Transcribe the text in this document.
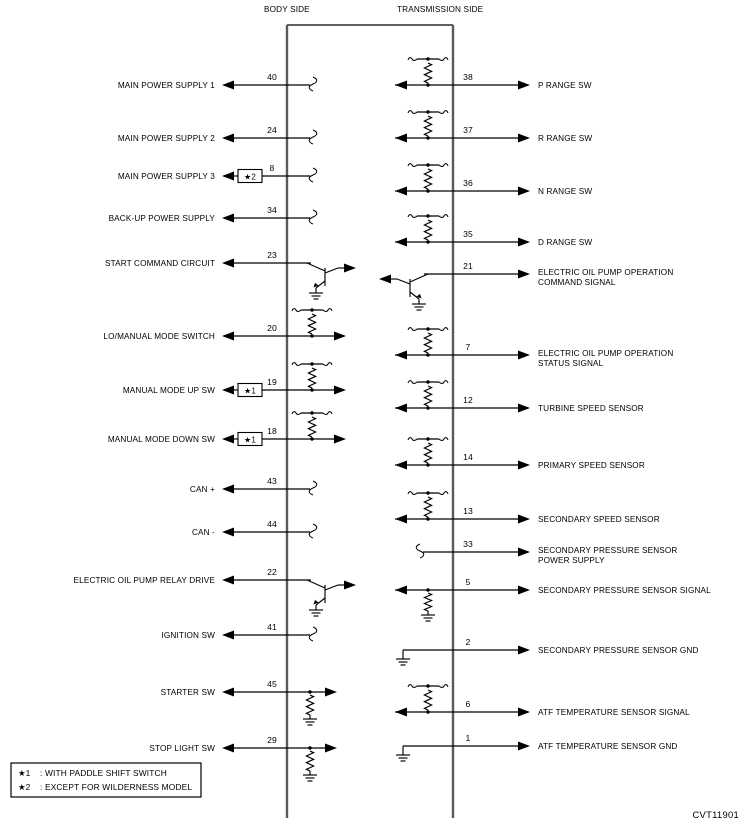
BODY SIDE	TRANSMISSION SIDE
MAIN POWER SUPPLY 1
40
MAIN POWER SUPPLY 2
24
MAIN POWER SUPPLY 3	★2
8
BACK-UP POWER SUPPLY
34
START COMMAND CIRCUIT
23
LO/MANUAL MODE SWITCH
20
MANUAL MODE UP SW	★1
19
MANUAL MODE DOWN SW	★1
18
CAN +
43
CAN -
44
ELECTRIC OIL PUMP RELAY DRIVE
22
IGNITION SW
41
STARTER SW
45
STOP LIGHT SW
29
P RANGE SW
38
R RANGE SW
37
N RANGE SW
36
D RANGE SW
35
ELECTRIC OIL PUMP OPERATION
COMMAND SIGNAL
21
ELECTRIC OIL PUMP OPERATION
STATUS SIGNAL
7
TURBINE SPEED SENSOR
12
PRIMARY SPEED SENSOR
14
SECONDARY SPEED SENSOR
13
SECONDARY PRESSURE SENSOR
POWER SUPPLY
33
SECONDARY PRESSURE SENSOR SIGNAL
5
SECONDARY PRESSURE SENSOR GND
2
ATF TEMPERATURE SENSOR SIGNAL
6
ATF TEMPERATURE SENSOR GND
1
★1 : WITH PADDLE SHIFT SWITCH
★2 : EXCEPT FOR WILDERNESS MODEL
CVT11901
